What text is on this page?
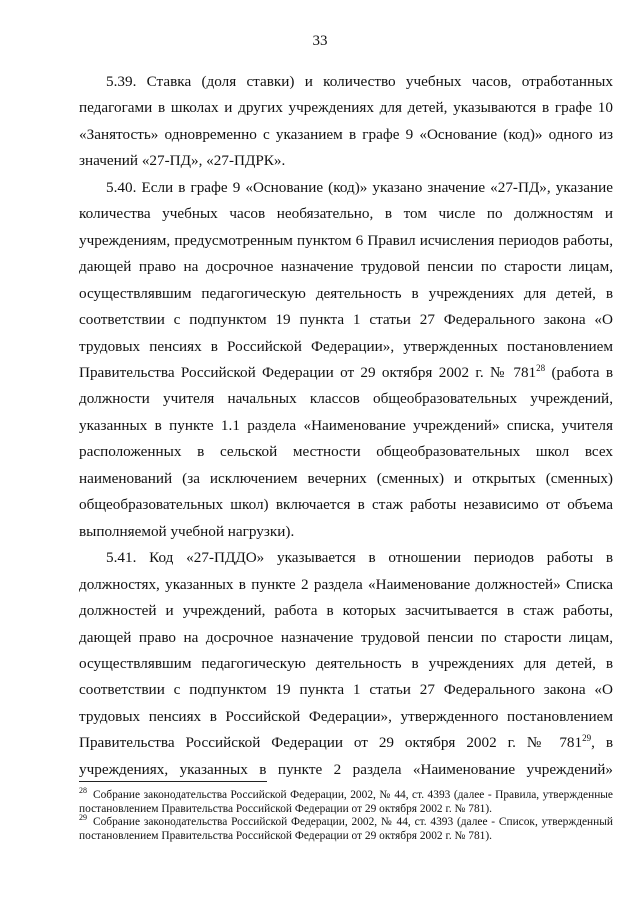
33

5.39. Ставка (доля ставки) и количество учебных часов, отработанных педагогами в школах и других учреждениях для детей, указываются в графе 10 «Занятость» одновременно с указанием в графе 9 «Основание (код)» одного из значений «27-ПД», «27-ПДРК».

5.40. Если в графе 9 «Основание (код)» указано значение «27-ПД», указание количества учебных часов необязательно, в том числе по должностям и учреждениям, предусмотренным пунктом 6 Правил исчисления периодов работы, дающей право на досрочное назначение трудовой пенсии по старости лицам, осуществлявшим педагогическую деятельность в учреждениях для детей, в соответствии с подпунктом 19 пункта 1 статьи 27 Федерального закона «О трудовых пенсиях в Российской Федерации», утвержденных постановлением Правительства Российской Федерации от 29 октября 2002 г. № $781^{28}$ (работа в должности учителя начальных классов общеобразовательных учреждений, указанных в пункте 1.1 раздела «Наименование учреждений» списка, учителя расположенных в сельской местности общеобразовательных школ всех наименований (за исключением вечерних (сменных) и открытых (сменных) общеобразовательных школ) включается в стаж работы независимо от объема выполняемой учебной нагрузки).

5.41. Код «27-ПДДО» указывается в отношении периодов работы в должностях, указанных в пункте 2 раздела «Наименование должностей» Списка должностей и учреждений, работа в которых засчитывается в стаж работы, дающей право на досрочное назначение трудовой пенсии по старости лицам, осуществлявшим педагогическую деятельность в учреждениях для детей, в соответствии с подпунктом 19 пункта 1 статьи 27 Федерального закона «О трудовых пенсиях в Российской Федерации», утвержденного постановлением Правительства Российской Федерации от 29 октября 2002 г. № $781^{29}$, в учреждениях, указанных в пункте 2 раздела «Наименование учреждений»

$^{28}$ Собрание законодательства Российской Федерации, 2002, № 44, ст. 4393 (далее - Правила, утвержденные постановлением Правительства Российской Федерации от 29 октября 2002 г. № 781).

$^{29}$ Собрание законодательства Российской Федерации, 2002, № 44, ст. 4393 (далее - Список, утвержденный постановлением Правительства Российской Федерации от 29 октября 2002 г. № 781).
